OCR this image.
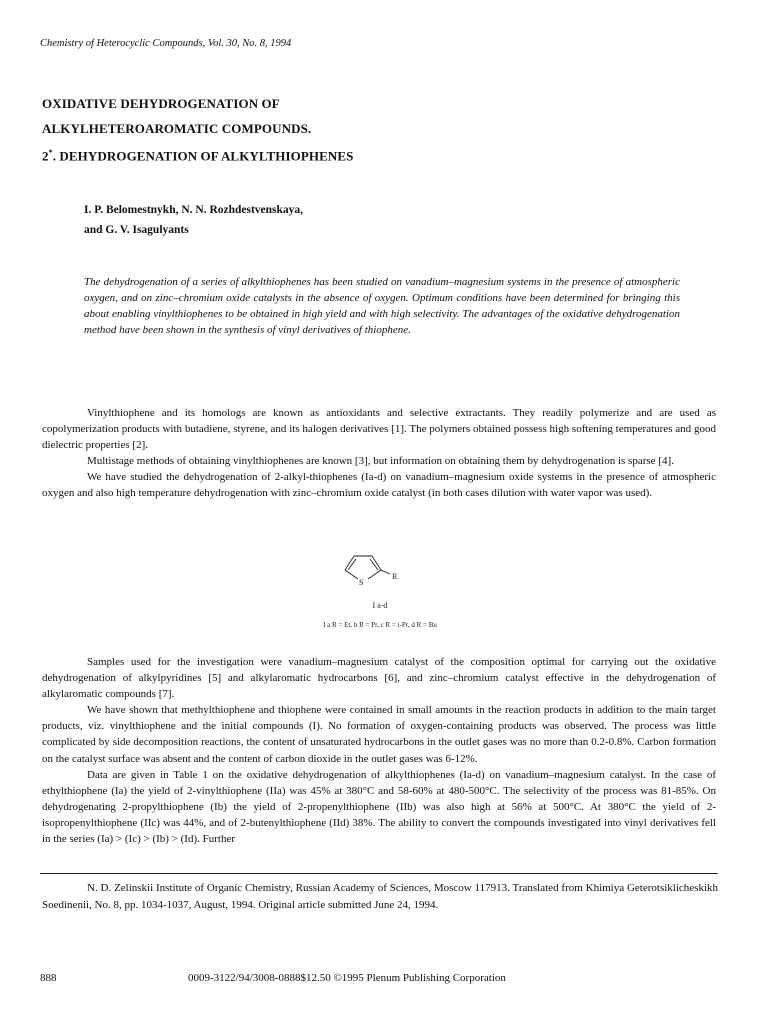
Chemistry of Heterocyclic Compounds, Vol. 30, No. 8, 1994
OXIDATIVE DEHYDROGENATION OF
ALKYLHETEROAROMATIC COMPOUNDS.
2*. DEHYDROGENATION OF ALKYLTHIOPHENES
I. P. Belomestnykh, N. N. Rozhdestvenskaya,
and G. V. Isagulyants
The dehydrogenation of a series of alkylthiophenes has been studied on vanadium–magnesium systems in the presence of atmospheric oxygen, and on zinc–chromium oxide catalysts in the absence of oxygen. Optimum conditions have been determined for bringing this about enabling vinylthiophenes to be obtained in high yield and with high selectivity. The advantages of the oxidative dehydrogenation method have been shown in the synthesis of vinyl derivatives of thiophene.

Vinylthiophene and its homologs are known as antioxidants and selective extractants. They readily polymerize and are used as copolymerization products with butadiene, styrene, and its halogen derivatives [1]. The polymers obtained possess high softening temperatures and good dielectric properties [2].

Multistage methods of obtaining vinylthiophenes are known [3], but information on obtaining them by dehydrogenation is sparse [4].

We have studied the dehydrogenation of 2-alkyl-thiophenes (Ia-d) on vanadium–magnesium oxide systems in the presence of atmospheric oxygen and also high temperature dehydrogenation with zinc–chromium oxide catalyst (in both cases dilution with water vapor was used).

S
R
I a-d
I a R = Et, b R = Pr, c R = i-Pr, d R = Bu

Samples used for the investigation were vanadium–magnesium catalyst of the composition optimal for carrying out the oxidative dehydrogenation of alkylpyridines [5] and alkylaromatic hydrocarbons [6], and zinc–chromium catalyst effective in the dehydrogenation of alkylaromatic compounds [7].

We have shown that methylthiophene and thiophene were contained in small amounts in the reaction products in addition to the main target products, viz. vinylthiophene and the initial compounds (I). No formation of oxygen-containing products was observed. The process was little complicated by side decomposition reactions, the content of unsaturated hydrocarbons in the outlet gases was no more than 0.2-0.8%. Carbon formation on the catalyst surface was absent and the content of carbon dioxide in the outlet gases was 6-12%.

Data are given in Table 1 on the oxidative dehydrogenation of alkylthiophenes (Ia-d) on vanadium–magnesium catalyst. In the case of ethylthiophene (Ia) the yield of 2-vinylthiophene (IIa) was 45% at 380°C and 58-60% at 480-500°C. The selectivity of the process was 81-85%. On dehydrogenating 2-propylthiophene (Ib) the yield of 2-propenylthiophene (IIb) was also high at 56% at 500°C. At 380°C the yield of 2-isopropenylthiophene (IIc) was 44%, and of 2-butenylthiophene (IId) 38%. The ability to convert the compounds investigated into vinyl derivatives fell in the series (Ia) > (Ic) > (Ib) > (Id). Further

N. D. Zelinskii Institute of Organic Chemistry, Russian Academy of Sciences, Moscow 117913. Translated from Khimiya Geterotsiklicheskikh Soedinenii, No. 8, pp. 1034-1037, August, 1994. Original article submitted June 24, 1994.
888	0009-3122/94/3008-0888$12.50 ©1995 Plenum Publishing Corporation
